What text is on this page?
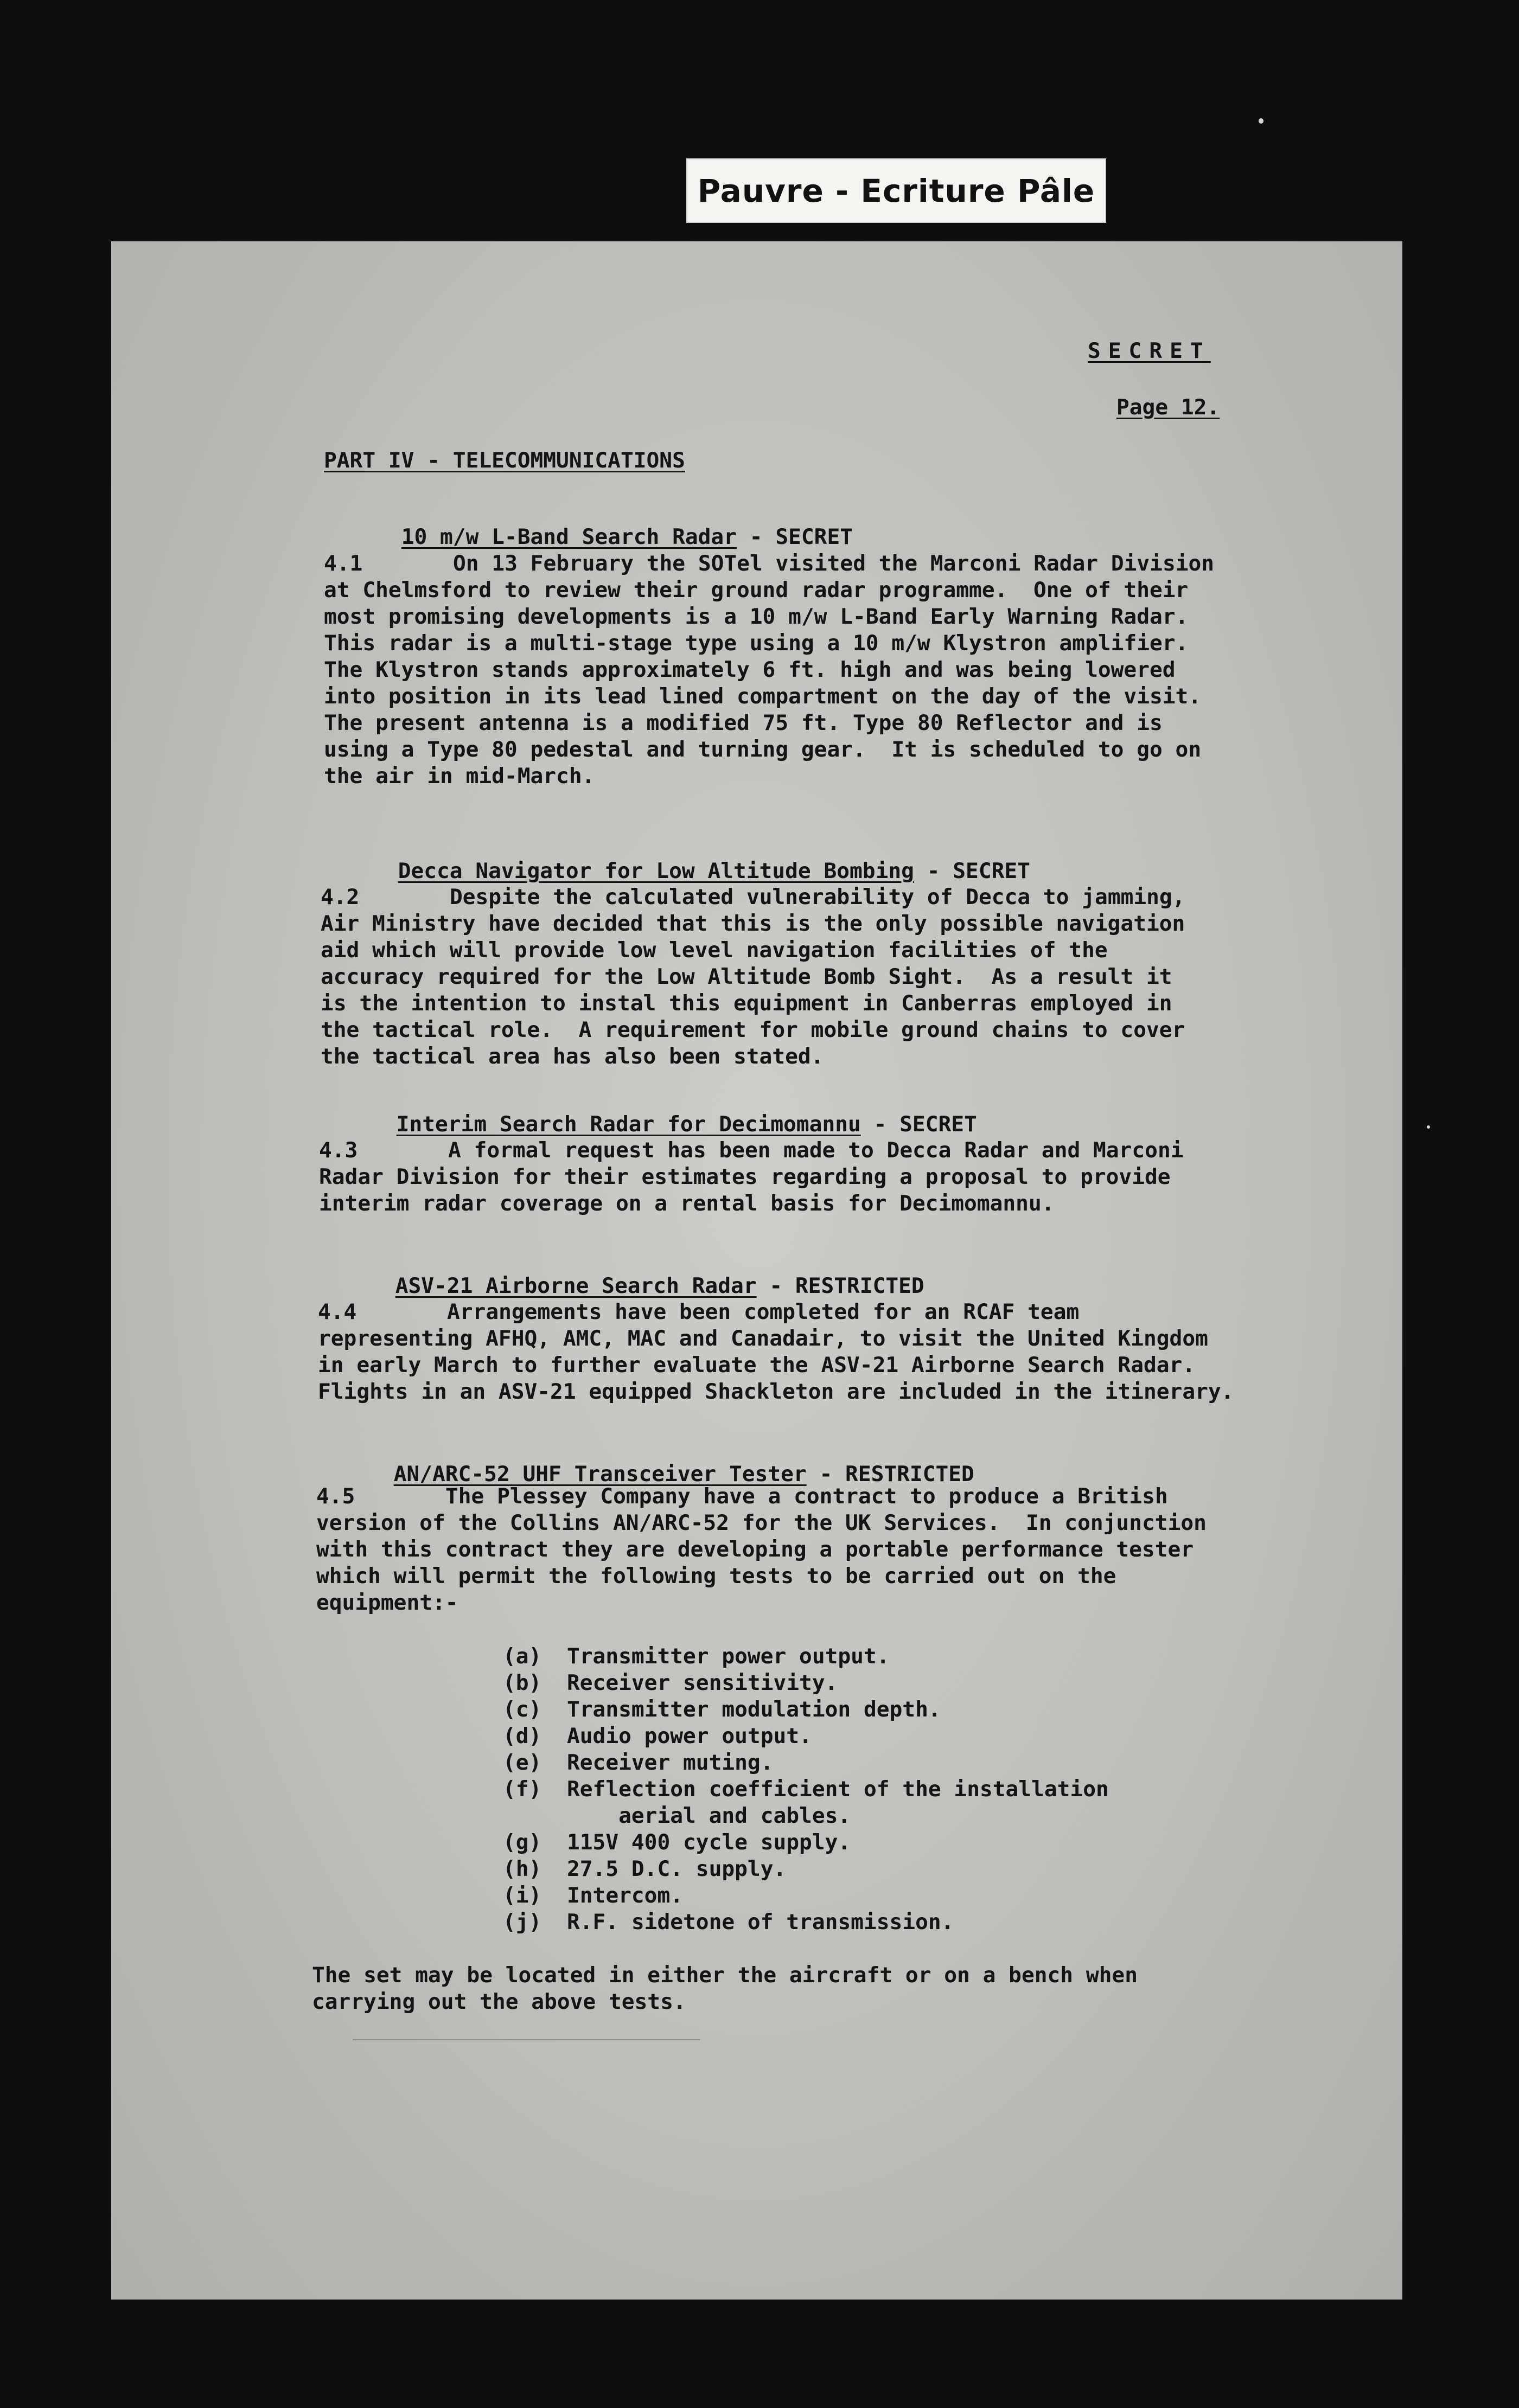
Pauvre - Ecriture Pâle
SECRET
Page 12.
PART IV - TELECOMMUNICATIONS

10 m/w L-Band Search Radar - SECRET

4.1	On 13 February the SOTel visited the Marconi Radar Division
at Chelmsford to review their ground radar programme.  One of their
most promising developments is a 10 m/w L-Band Early Warning Radar.
This radar is a multi-stage type using a 10 m/w Klystron amplifier.
The Klystron stands approximately 6 ft. high and was being lowered
into position in its lead lined compartment on the day of the visit.
The present antenna is a modified 75 ft. Type 80 Reflector and is
using a Type 80 pedestal and turning gear.  It is scheduled to go on
the air in mid-March.

Decca Navigator for Low Altitude Bombing - SECRET

4.2	Despite the calculated vulnerability of Decca to jamming,
Air Ministry have decided that this is the only possible navigation
aid which will provide low level navigation facilities of the
accuracy required for the Low Altitude Bomb Sight.  As a result it
is the intention to instal this equipment in Canberras employed in
the tactical role.  A requirement for mobile ground chains to cover
the tactical area has also been stated.

Interim Search Radar for Decimomannu - SECRET

4.3	A formal request has been made to Decca Radar and Marconi
Radar Division for their estimates regarding a proposal to provide
interim radar coverage on a rental basis for Decimomannu.

ASV-21 Airborne Search Radar - RESTRICTED

4.4	Arrangements have been completed for an RCAF team
representing AFHQ, AMC, MAC and Canadair, to visit the United Kingdom
in early March to further evaluate the ASV-21 Airborne Search Radar.
Flights in an ASV-21 equipped Shackleton are included in the itinerary.

AN/ARC-52 UHF Transceiver Tester - RESTRICTED

4.5	The Plessey Company have a contract to produce a British
version of the Collins AN/ARC-52 for the UK Services.  In conjunction
with this contract they are developing a portable performance tester
which will permit the following tests to be carried out on the
equipment:-
(a)	Transmitter power output.
(b)	Receiver sensitivity.
(c)	Transmitter modulation depth.
(d)	Audio power output.
(e)	Receiver muting.
(f)	Reflection coefficient of the installation
aerial and cables.
(g)	115V 400 cycle supply.
(h)	27.5 D.C. supply.
(i)	Intercom.
(j)	R.F. sidetone of transmission.
The set may be located in either the aircraft or on a bench when
carrying out the above tests.
